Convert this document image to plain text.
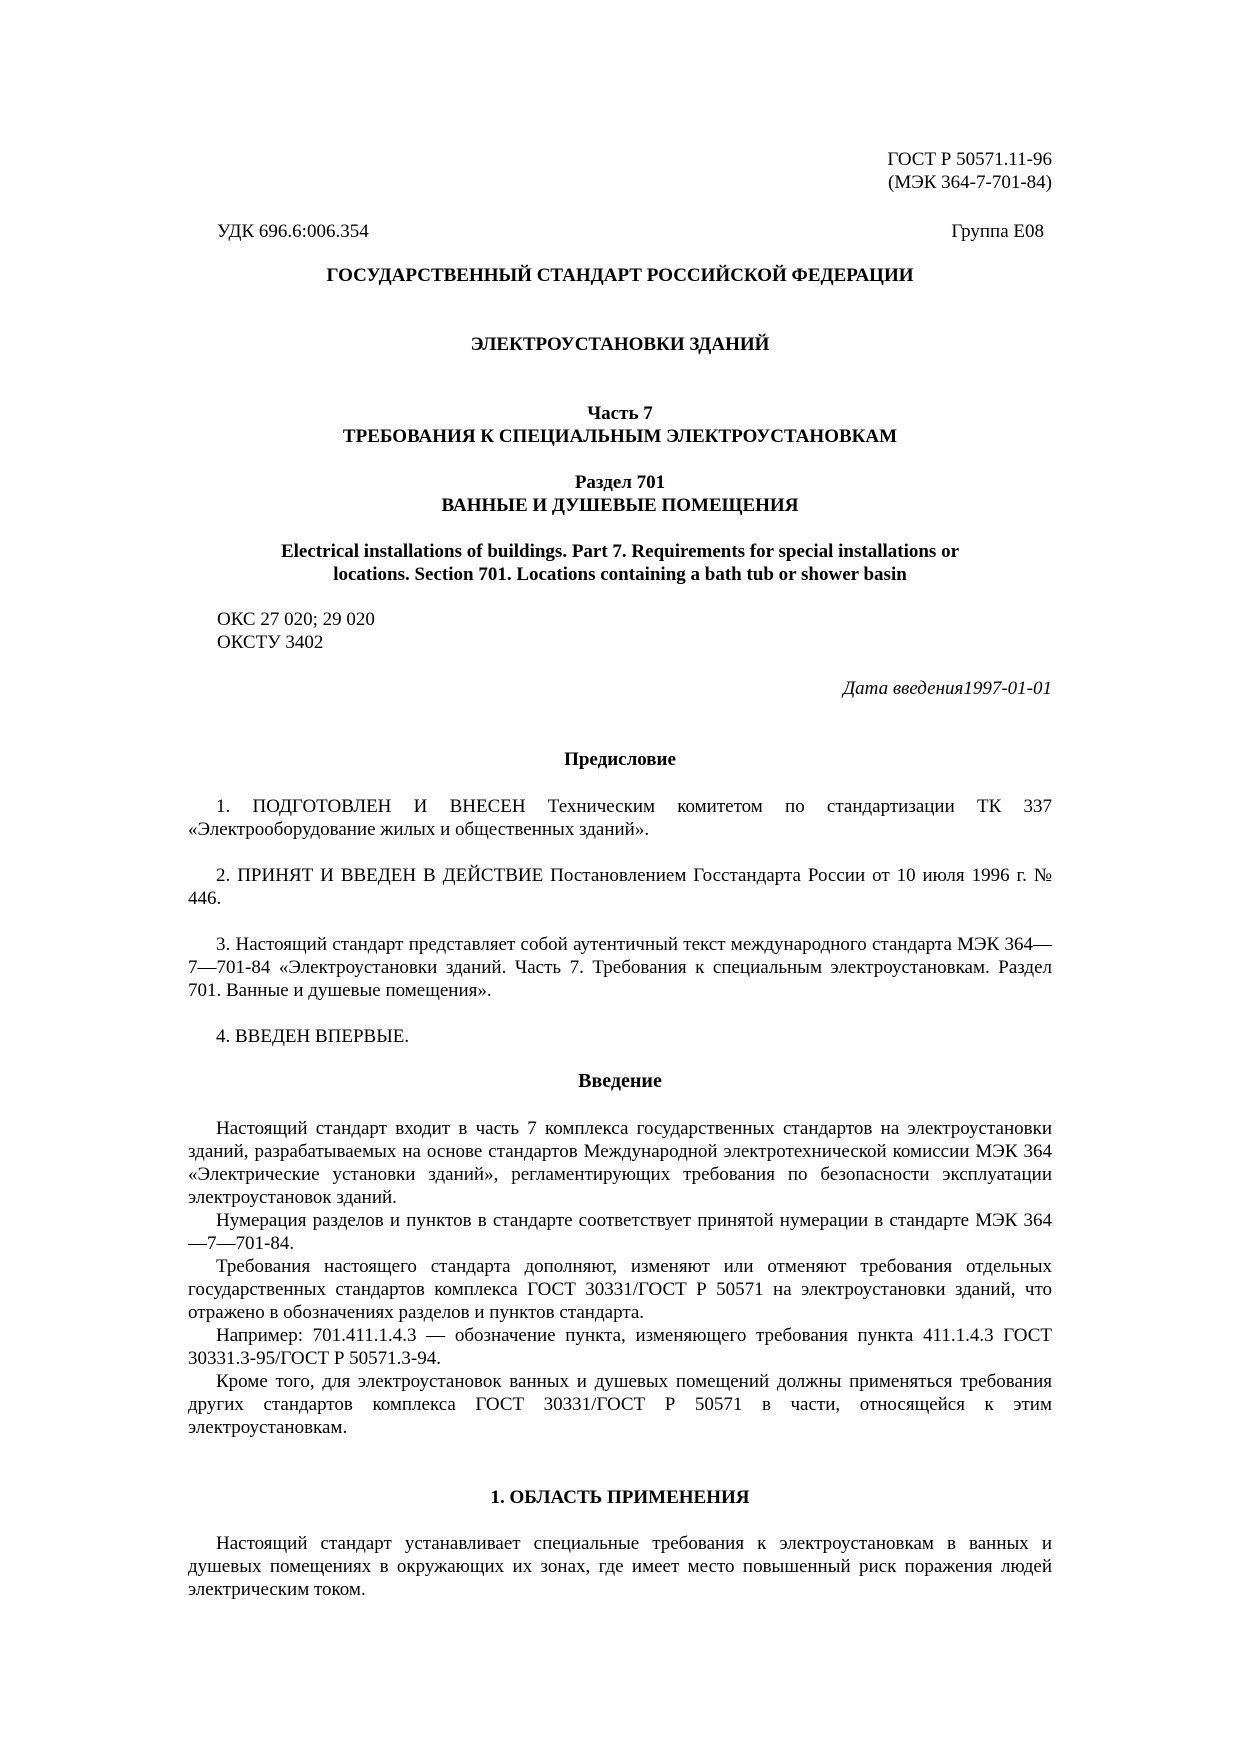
ГОСТ Р 50571.11-96
(МЭК 364-7-701-84)
УДК 696.6:006.354	Группа Е08
ГОСУДАРСТВЕННЫЙ СТАНДАРТ РОССИЙСКОЙ ФЕДЕРАЦИИ
ЭЛЕКТРОУСТАНОВКИ ЗДАНИЙ
Часть 7
ТРЕБОВАНИЯ К СПЕЦИАЛЬНЫМ ЭЛЕКТРОУСТАНОВКАМ
Раздел 701
ВАННЫЕ И ДУШЕВЫЕ ПОМЕЩЕНИЯ
Electrical installations of buildings. Part 7. Requirements for special installations or
locations. Section 701. Locations containing a bath tub or shower basin
ОКС 27 020; 29 020
ОКСТУ 3402
Дата введения1997-01-01
Предисловие
1. ПОДГОТОВЛЕН И ВНЕСЕН Техническим комитетом по стандартизации ТК 337 «Электрооборудование жилых и общественных зданий».
2. ПРИНЯТ И ВВЕДЕН В ДЕЙСТВИЕ Постановлением Госстандарта России от 10 июля 1996 г. № 446.
3. Настоящий стандарт представляет собой аутентичный текст международного стандарта МЭК 364—7—701-84 «Электроустановки зданий. Часть 7. Требования к специальным электроустановкам. Раздел 701. Ванные и душевые помещения».
4. ВВЕДЕН ВПЕРВЫЕ.
Введение
Настоящий стандарт входит в часть 7 комплекса государственных стандартов на электроустановки зданий, разрабатываемых на основе стандартов Международной электротехнической комиссии МЭК 364 «Электрические установки зданий», регламентирующих требования по безопасности эксплуатации электроустановок зданий.
Нумерация разделов и пунктов в стандарте соответствует принятой нумерации в стандарте МЭК 364—7—701-84.
Требования настоящего стандарта дополняют, изменяют или отменяют требования отдельных государственных стандартов комплекса ГОСТ 30331/ГОСТ Р 50571 на электроустановки зданий, что отражено в обозначениях разделов и пунктов стандарта.
Например: 701.411.1.4.3 — обозначение пункта, изменяющего требования пункта 411.1.4.3 ГОСТ 30331.3-95/ГОСТ Р 50571.3-94.
Кроме того, для электроустановок ванных и душевых помещений должны применяться требования других стандартов комплекса ГОСТ 30331/ГОСТ Р 50571 в части, относящейся к этим электроустановкам.
1. ОБЛАСТЬ ПРИМЕНЕНИЯ
Настоящий стандарт устанавливает специальные требования к электроустановкам в ванных и душевых помещениях в окружающих их зонах, где имеет место повышенный риск поражения людей электрическим током.
